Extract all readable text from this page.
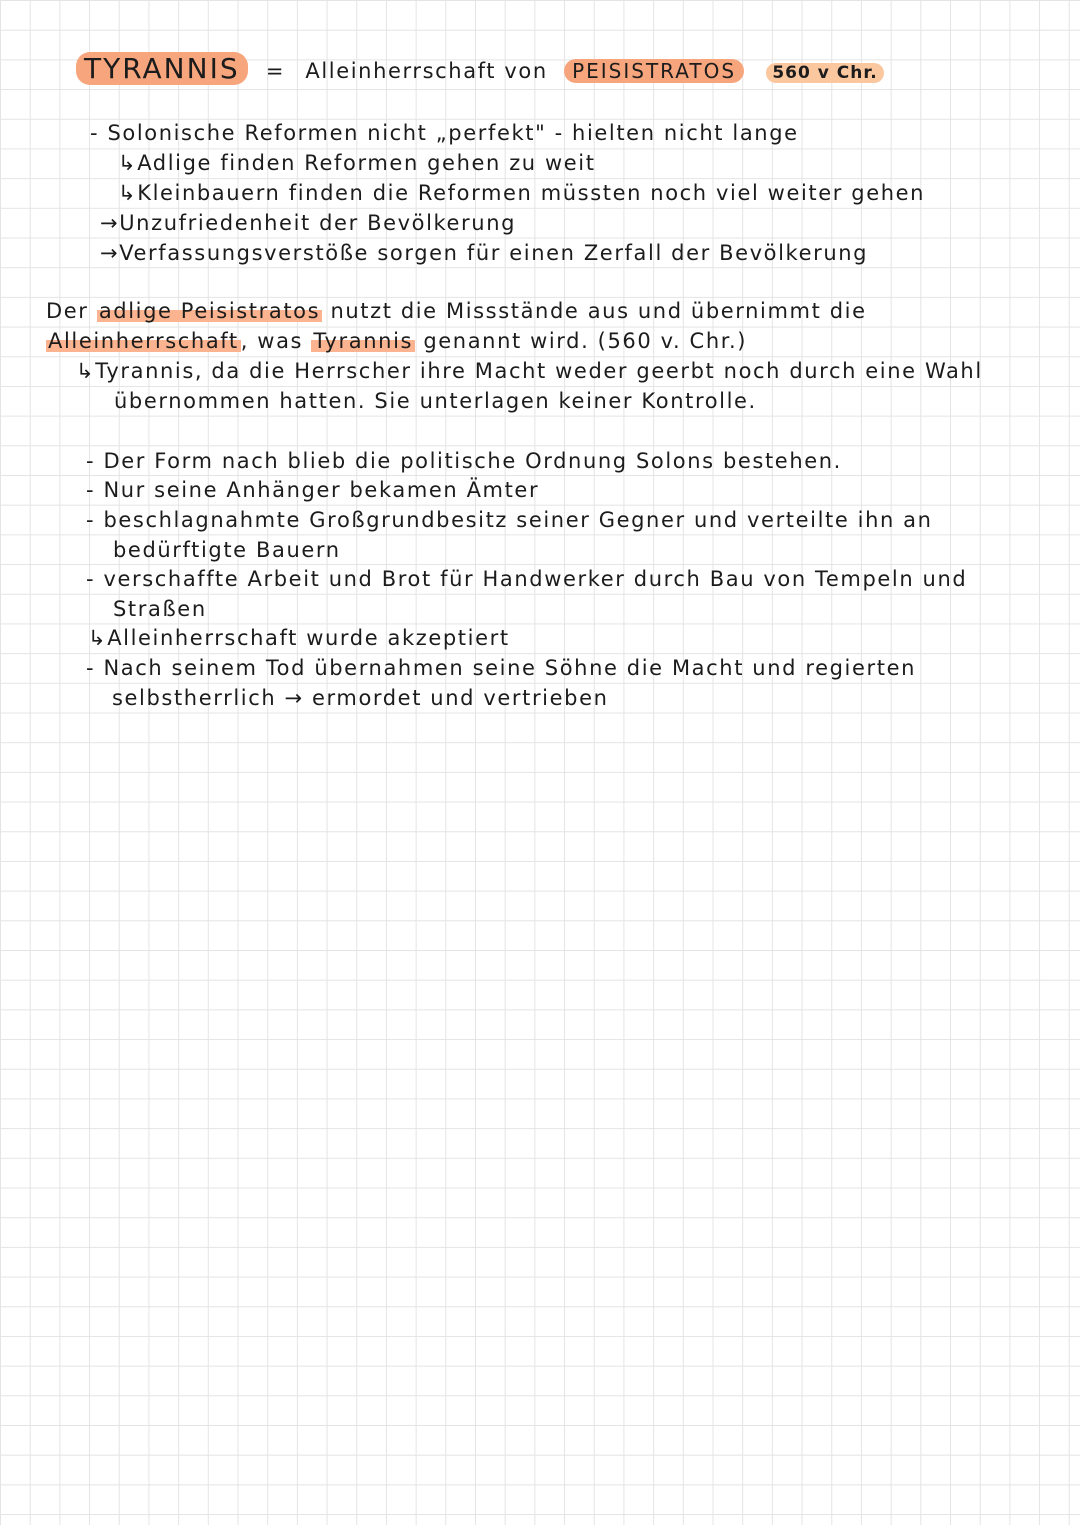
TYRANNIS = Alleinherrschaft von PEISISTRATOS 560 v Chr.
- Solonische Reformen nicht „perfekt" - hielten nicht lange
↳Adlige finden Reformen gehen zu weit
↳Kleinbauern finden die Reformen müssten noch viel weiter gehen
→Unzufriedenheit der Bevölkerung
→Verfassungsverstöße sorgen für einen Zerfall der Bevölkerung
Der adlige Peisistratos nutzt die Missstände aus und übernimmt die
Alleinherrschaft, was Tyrannis genannt wird. (560 v. Chr.)
↳Tyrannis, da die Herrscher ihre Macht weder geerbt noch durch eine Wahl
übernommen hatten. Sie unterlagen keiner Kontrolle.
- Der Form nach blieb die politische Ordnung Solons bestehen.
- Nur seine Anhänger bekamen Ämter
- beschlagnahmte Großgrundbesitz seiner Gegner und verteilte ihn an
bedürftigte Bauern
- verschaffte Arbeit und Brot für Handwerker durch Bau von Tempeln und
Straßen
↳Alleinherrschaft wurde akzeptiert
- Nach seinem Tod übernahmen seine Söhne die Macht und regierten
selbstherrlich → ermordet und vertrieben
